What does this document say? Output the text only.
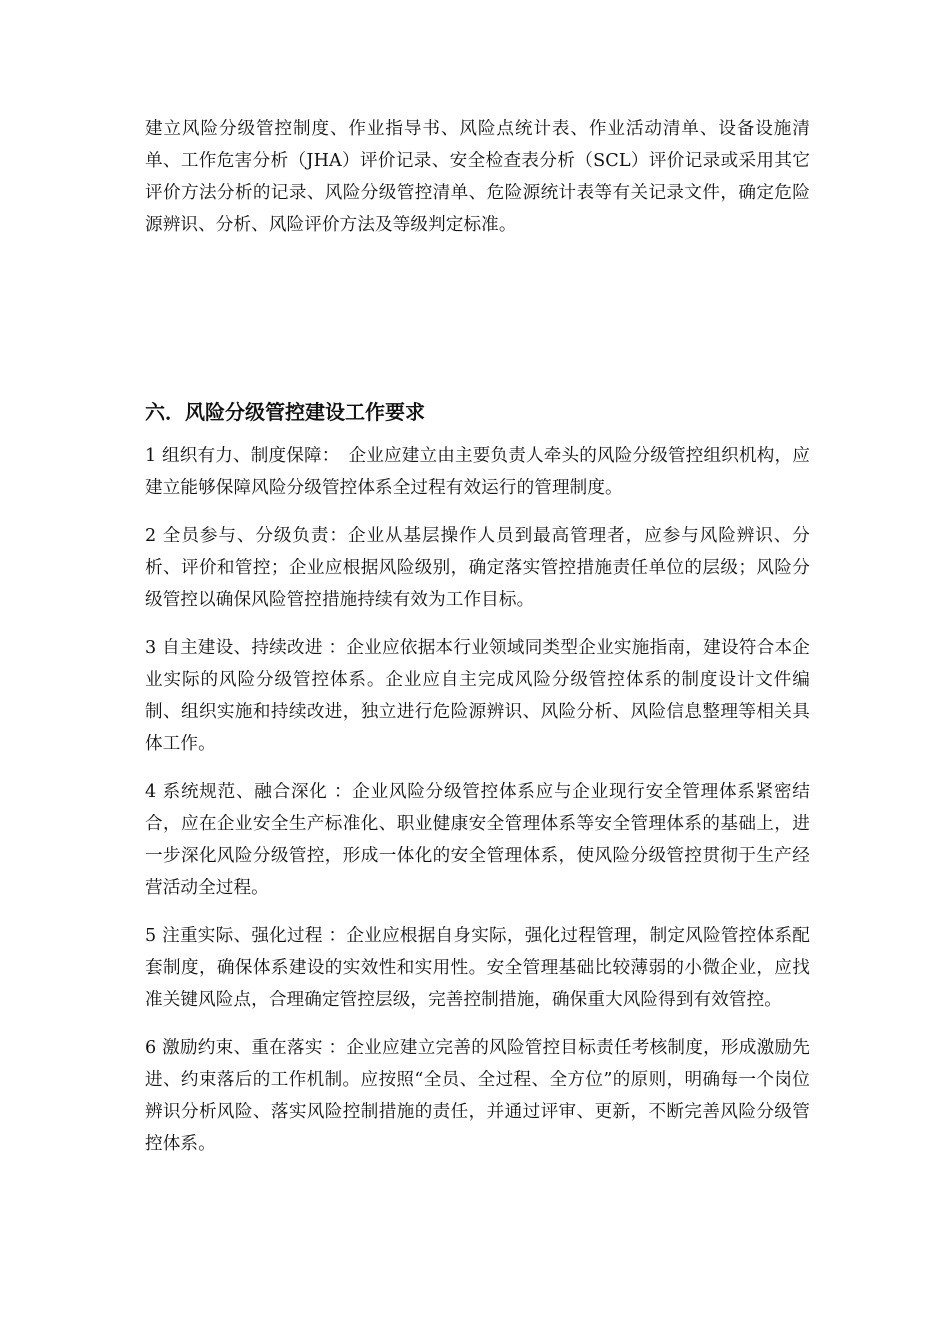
建立风险分级管控制度、作业指导书、风险点统计表、作业活动清单、设备设施清单、工作危害分析（JHA）评价记录、安全检查表分析（SCL）评价记录或采用其它评价方法分析的记录、风险分级管控清单、危险源统计表等有关记录文件，确定危险源辨识、分析、风险评价方法及等级判定标准。

六．风险分级管控建设工作要求

1 组织有力、制度保障：　企业应建立由主要负责人牵头的风险分级管控组织机构，应建立能够保障风险分级管控体系全过程有效运行的管理制度。

2 全员参与、分级负责：企业从基层操作人员到最高管理者，应参与风险辨识、分析、评价和管控；企业应根据风险级别，确定落实管控措施责任单位的层级；风险分级管控以确保风险管控措施持续有效为工作目标。

3 自主建设、持续改进 ：企业应依据本行业领域同类型企业实施指南，建设符合本企业实际的风险分级管控体系。企业应自主完成风险分级管控体系的制度设计文件编制、组织实施和持续改进，独立进行危险源辨识、风险分析、风险信息整理等相关具体工作。

4 系统规范、融合深化 ：企业风险分级管控体系应与企业现行安全管理体系紧密结合，应在企业安全生产标准化、职业健康安全管理体系等安全管理体系的基础上，进一步深化风险分级管控，形成一体化的安全管理体系，使风险分级管控贯彻于生产经营活动全过程。

5 注重实际、强化过程 ：企业应根据自身实际，强化过程管理，制定风险管控体系配套制度，确保体系建设的实效性和实用性。安全管理基础比较薄弱的小微企业，应找准关键风险点，合理确定管控层级，完善控制措施，确保重大风险得到有效管控。

6 激励约束、重在落实 ：企业应建立完善的风险管控目标责任考核制度，形成激励先进、约束落后的工作机制。应按照“全员、全过程、全方位”的原则，明确每一个岗位辨识分析风险、落实风险控制措施的责任，并通过评审、更新，不断完善风险分级管控体系。
